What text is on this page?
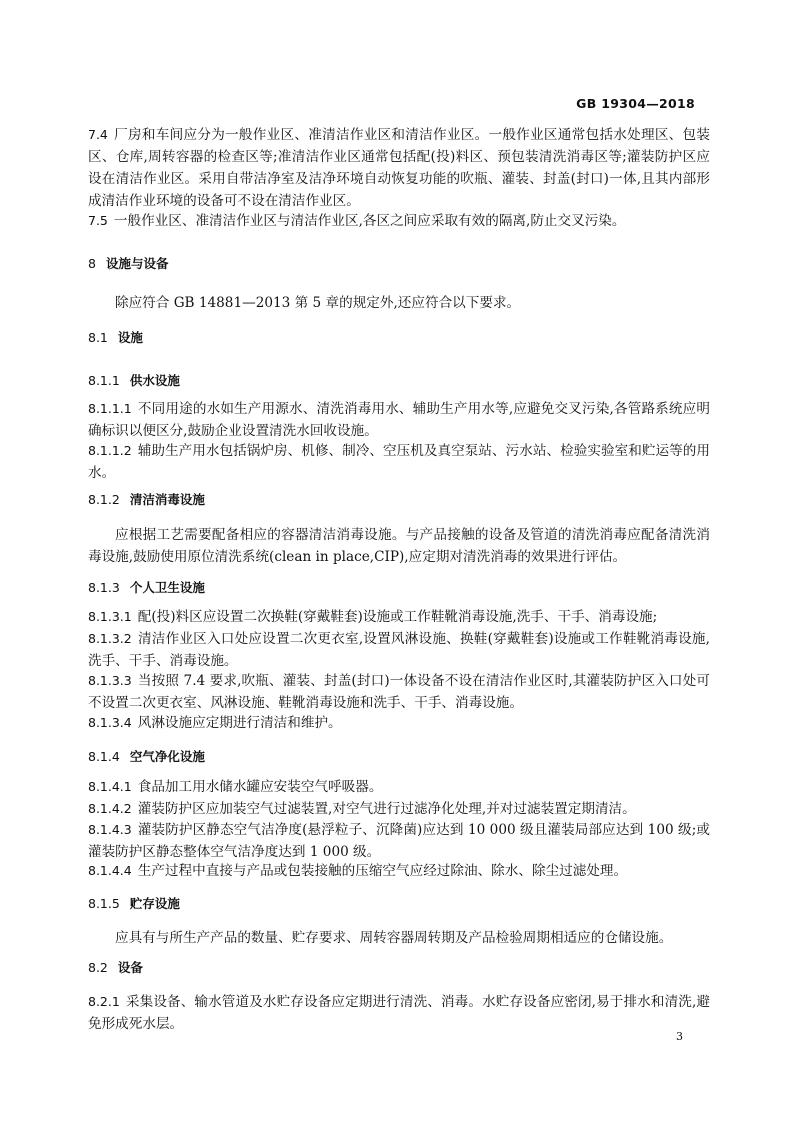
GB 19304—2018

7.4 厂房和车间应分为一般作业区、准清洁作业区和清洁作业区。一般作业区通常包括水处理区、包装区、仓库,周转容器的检查区等;准清洁作业区通常包括配(投)料区、预包装清洗消毒区等;灌装防护区应设在清洁作业区。采用自带洁净室及洁净环境自动恢复功能的吹瓶、灌装、封盖(封口)一体,且其内部形成清洁作业环境的设备可不设在清洁作业区。

7.5 一般作业区、准清洁作业区与清洁作业区,各区之间应采取有效的隔离,防止交叉污染。

8 设施与设备

除应符合 GB 14881—2013 第 5 章的规定外,还应符合以下要求。

8.1 设施

8.1.1 供水设施

8.1.1.1 不同用途的水如生产用源水、清洗消毒用水、辅助生产用水等,应避免交叉污染,各管路系统应明确标识以便区分,鼓励企业设置清洗水回收设施。

8.1.1.2 辅助生产用水包括锅炉房、机修、制冷、空压机及真空泵站、污水站、检验实验室和贮运等的用水。

8.1.2 清洁消毒设施

应根据工艺需要配备相应的容器清洁消毒设施。与产品接触的设备及管道的清洗消毒应配备清洗消毒设施,鼓励使用原位清洗系统(clean in place,CIP),应定期对清洗消毒的效果进行评估。

8.1.3 个人卫生设施

8.1.3.1 配(投)料区应设置二次换鞋(穿戴鞋套)设施或工作鞋靴消毒设施,洗手、干手、消毒设施;

8.1.3.2 清洁作业区入口处应设置二次更衣室,设置风淋设施、换鞋(穿戴鞋套)设施或工作鞋靴消毒设施,洗手、干手、消毒设施。

8.1.3.3 当按照 7.4 要求,吹瓶、灌装、封盖(封口)一体设备不设在清洁作业区时,其灌装防护区入口处可不设置二次更衣室、风淋设施、鞋靴消毒设施和洗手、干手、消毒设施。

8.1.3.4 风淋设施应定期进行清洁和维护。

8.1.4 空气净化设施

8.1.4.1 食品加工用水储水罐应安装空气呼吸器。

8.1.4.2 灌装防护区应加装空气过滤装置,对空气进行过滤净化处理,并对过滤装置定期清洁。

8.1.4.3 灌装防护区静态空气洁净度(悬浮粒子、沉降菌)应达到 10 000 级且灌装局部应达到 100 级;或灌装防护区静态整体空气洁净度达到 1 000 级。

8.1.4.4 生产过程中直接与产品或包装接触的压缩空气应经过除油、除水、除尘过滤处理。

8.1.5 贮存设施

应具有与所生产产品的数量、贮存要求、周转容器周转期及产品检验周期相适应的仓储设施。

8.2 设备

8.2.1 采集设备、输水管道及水贮存设备应定期进行清洗、消毒。水贮存设备应密闭,易于排水和清洗,避免形成死水层。

3
